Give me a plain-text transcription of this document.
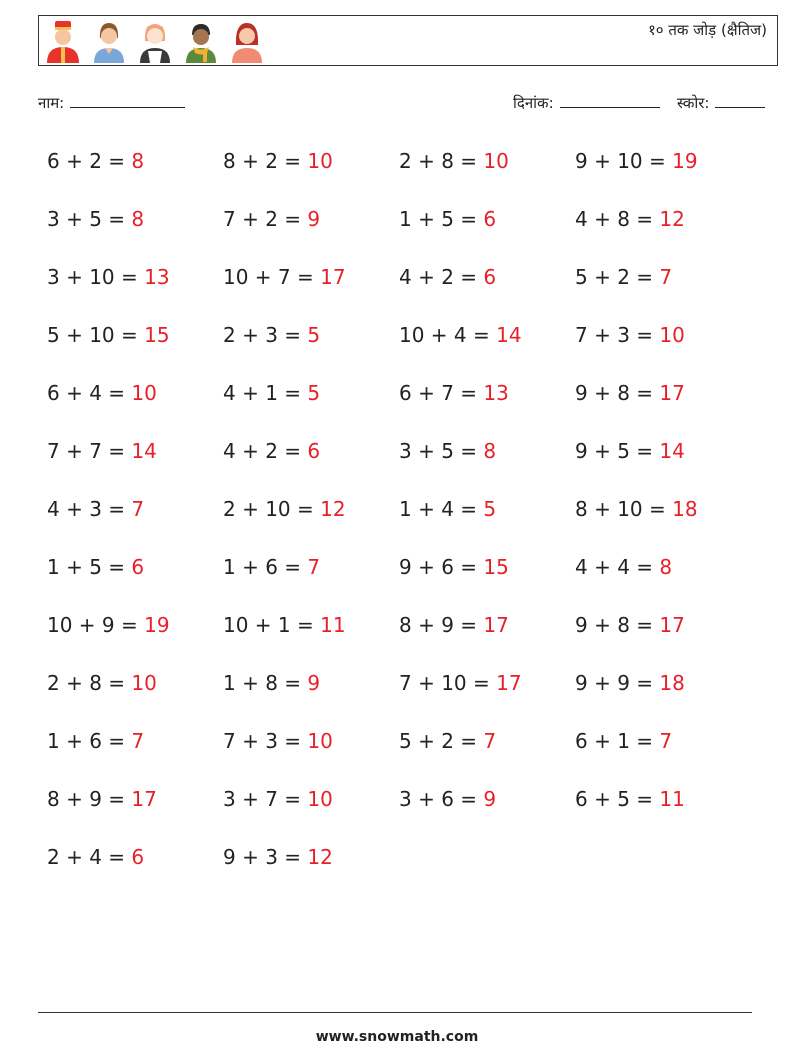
१० तक जोड़ (क्षैतिज)
नाम:	दिनांक:	स्कोर:
6 + 2 = 8	8 + 2 = 10	2 + 8 = 10	9 + 10 = 19
3 + 5 = 8	7 + 2 = 9	1 + 5 = 6	4 + 8 = 12
3 + 10 = 13	10 + 7 = 17	4 + 2 = 6	5 + 2 = 7
5 + 10 = 15	2 + 3 = 5	10 + 4 = 14	7 + 3 = 10
6 + 4 = 10	4 + 1 = 5	6 + 7 = 13	9 + 8 = 17
7 + 7 = 14	4 + 2 = 6	3 + 5 = 8	9 + 5 = 14
4 + 3 = 7	2 + 10 = 12	1 + 4 = 5	8 + 10 = 18
1 + 5 = 6	1 + 6 = 7	9 + 6 = 15	4 + 4 = 8
10 + 9 = 19	10 + 1 = 11	8 + 9 = 17	9 + 8 = 17
2 + 8 = 10	1 + 8 = 9	7 + 10 = 17	9 + 9 = 18
1 + 6 = 7	7 + 3 = 10	5 + 2 = 7	6 + 1 = 7
8 + 9 = 17	3 + 7 = 10	3 + 6 = 9	6 + 5 = 11
2 + 4 = 6	9 + 3 = 12
www.snowmath.com
